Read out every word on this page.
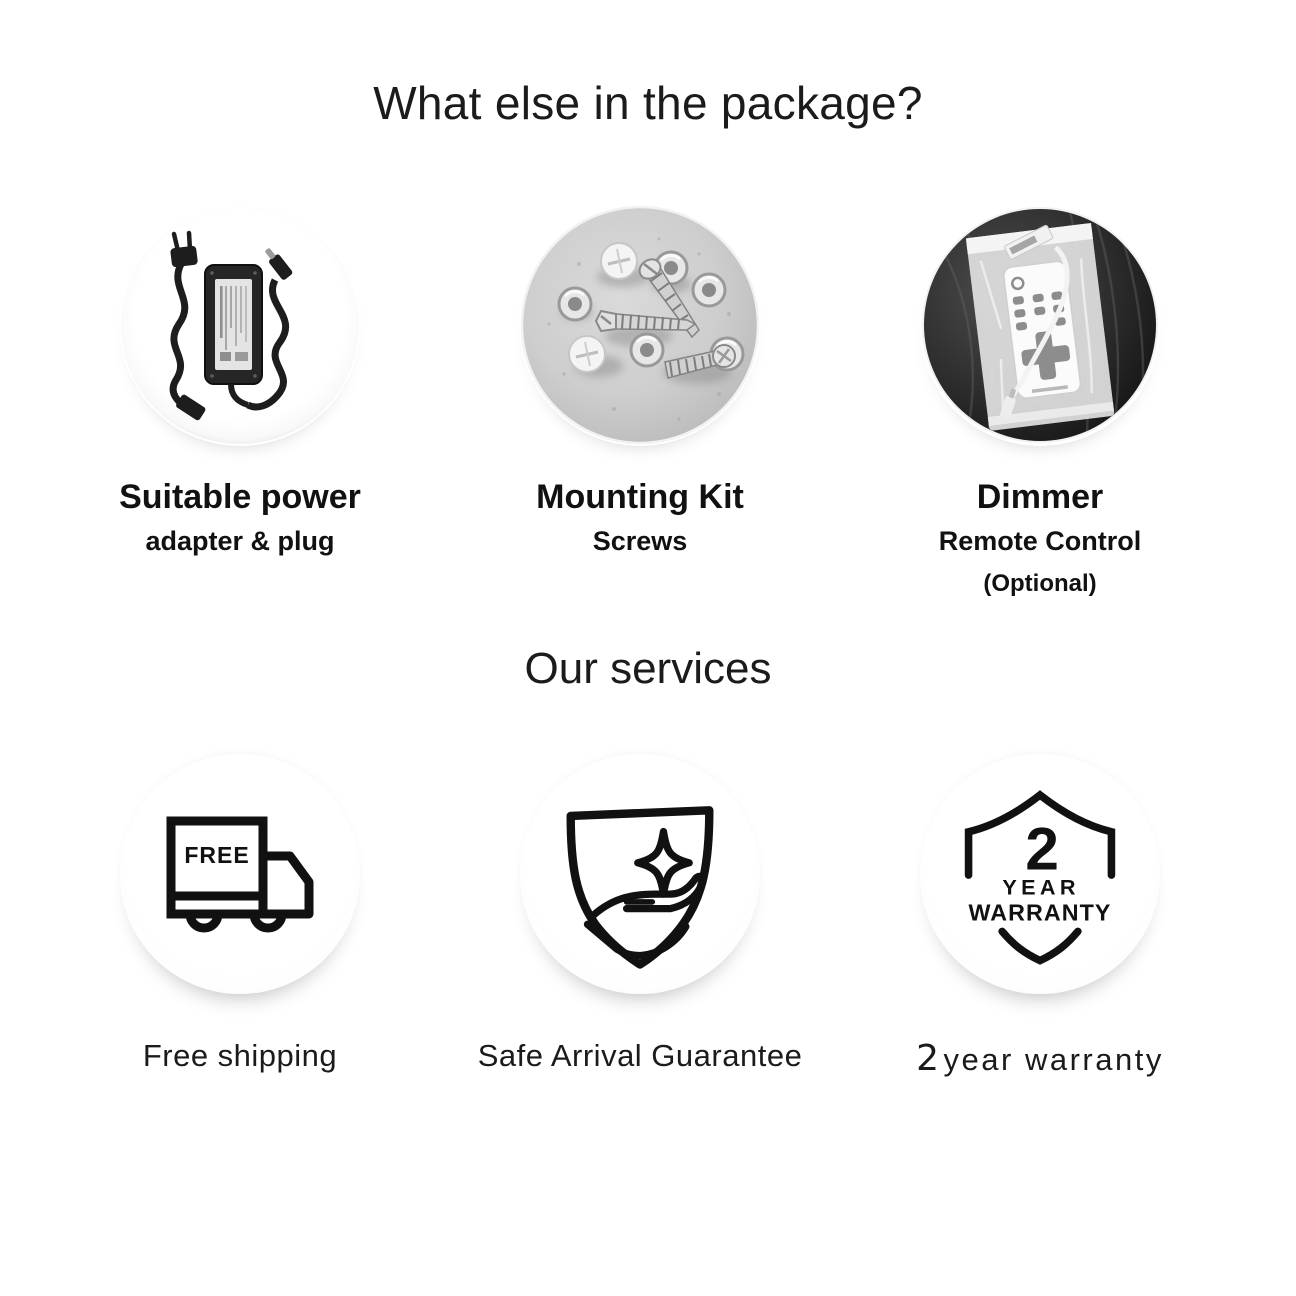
What else in the package?
Suitable power
adapter & plug
Mounting Kit
Screws
Dimmer
Remote Control
(Optional)
Our services
FREE
Free shipping	Safe Arrival Guarantee
2
YEAR
WARRANTY
2 year warranty
